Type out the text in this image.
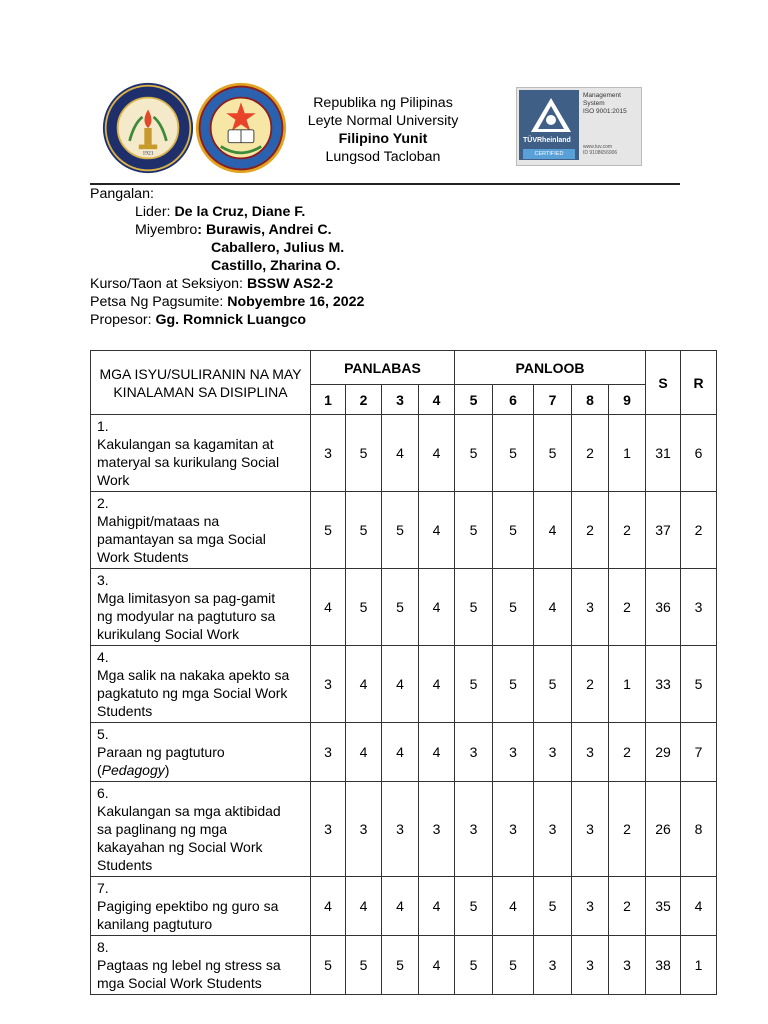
1921
Republika ng Pilipinas
Leyte Normal University
Filipino Yunit
Lungsod Tacloban
TÜVRheinland
CERTIFIED
Management System
ISO 9001:2015
www.tuv.com
ID 9108656906
Pangalan:
Lider: De la Cruz, Diane F.
Miyembro: Burawis, Andrei C.
Caballero, Julius M.
Castillo, Zharina O.
Kurso/Taon at Seksiyon: BSSW AS2-2
Petsa Ng Pagsumite: Nobyembre 16, 2022
Propesor: Gg. Romnick Luangco
MGA ISYU/SULIRANIN NA MAY KINALAMAN SA DISIPLINA	PANLABAS				PANLOOB					S	R
	1	2	3	4	5	6	7	8	9		
1.Kakulangan sa kagamitan at materyal sa kurikulang Social Work	3	5	4	4	5	5	5	2	1	31	6
2.Mahigpit/mataas na pamantayan sa mga Social Work Students	5	5	5	4	5	5	4	2	2	37	2
3.Mga limitasyon sa pag-gamit ng modyular na pagtuturo sa kurikulang Social Work	4	5	5	4	5	5	4	3	2	36	3
4.Mga salik na nakaka apekto sa pagkatuto ng mga Social Work Students	3	4	4	4	5	5	5	2	1	33	5
5.Paraan ng pagtuturo (Pedagogy)	3	4	4	4	3	3	3	3	2	29	7
6.Kakulangan sa mga aktibidad sa paglinang ng mga kakayahan ng Social Work Students	3	3	3	3	3	3	3	3	2	26	8
7.Pagiging epektibo ng guro sa kanilang pagtuturo	4	4	4	4	5	4	5	3	2	35	4
8.Pagtaas ng lebel ng stress sa mga Social Work Students	5	5	5	4	5	5	3	3	3	38	1
